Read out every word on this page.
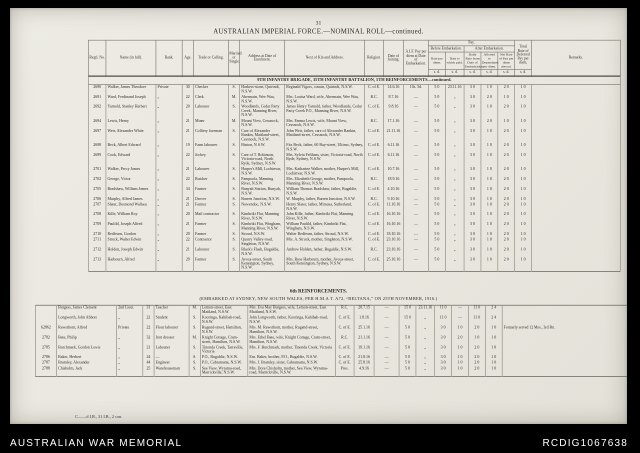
31
AUSTRALIAN IMPERIAL FORCE.—NOMINAL ROLL—continued.
Regtl. No.	Name (in full).	Rank.	Age.	Trade or Calling.	Married or Single.	Address at Date of Enrolment.	Next of Kin and Address.	Religion.	Date of Joining.	A.I.F. Pay per diem at Date of Embarkation.	Pay.					Total Rate of Deferred Pay per diem.	Remarks.
											Before Embarkation.		After Embarkation.				
											Rate per diem.	Date to which paid.	Daily Rate from Date of Embarkation.	Allotted to Dependants per diem.	Net Rate of Pay per diem abroad.		
											s. d.	s. d.	s. d.	s. d.	s. d.	s. d.	
9TH INFANTRY BRIGADE, 35TH INFANTRY BATTALION, 5TH REINFORCEMENTS—continued.																	
2690	Walker, James Theodore	Private	30	Checker	S.	Harkers-stone, Quirindi, N.S.W.	Reginald Vigors, cousin, Quirindi, N.S.W.	C. of E.	14.6.16	10s. 5d.	5 0	23.11.16	3 0	1 0	2 0	1 0	
2691	Ward, Ferdinand Joseph	„	22	Clerk	M.	Abermain, Wee Waa, N.S.W.	Mrs. Louisa Ward, wife, Abermain, Wee Waa, N.S.W.	R.C.	8.7.16	—	5 0	„	3 0	2 0	1 0	1 0	
2692	Yarnold, Stanley Herbert	„	20	Labourer	S.	Woodlands, Cedar Party Creek, Manning River, N.S.W.	James Henry Yarnold, father, Woodlands, Cedar Party Creek P.O., Manning River, N.S.W.	C. of E.	9.8.16	—	5 0	„	3 0	1 0	2 0	1 0	
2694	Lewis, Henry	„	21	Miner	M.	Mount View, Cessnock, N.S.W.	Mrs. Emma Lewis, wife, Mount View, Cessnock, N.S.W.	R.C.	17.1.16	—	5 0	„	3 0	2 0	1 0	1 0	
2697	Weir, Alexander White	„	21	Colliery foreman	S.	Care of Alexander Rankin, Maitland-street, Cessnock, N.S.W.	John Weir, father, care of Alexander Rankin, Maitland-street, Cessnock, N.S.W.	C. of E.	21.11.16	—	5 0	„	3 0	1 0	2 0	1 0	
2698	Beck, Albert Edward	„	19	Farm labourer	S.	Binton, N.S.W.	Fitz Beck, father, 60 Bay-street, Ultimo, Sydney, N.S.W.	C. of E.	6.11.16	—	5 0	„	3 0	1 0	2 0	1 0	
2699	Cook, Edward	„	22	Jockey	S.	Care of T. Robinson, Victoria-road, North Ryde, Sydney, N.S.W.	Mrs. Sylvia Feltham, sister, Victoria-road, North Ryde, Sydney, N.S.W.	C. of E.	6.11.16	—	5 0	„	3 0	1 0	2 0	1 0	
2701	Walker, Percy James	„	21	Labourer	S.	Harper's Mill, Lochinvar, N.S.W.	Mrs. Katharine Walker, mother, Harper's Mill, Lochinvar, N.S.W.	C. of E.	10.7.16	—	5 0	„	3 0	1 0	2 0	1 0	
2702	George, Victor	„	22	Butcher	S.	Pampoola, Manning River, N.S.W.	Mrs. Elizabeth George, mother, Pampoola, Manning River, N.S.W.	R.C.	18.9.16	—	5 0	„	3 0	1 0	2 0	1 0	
2705	Bradshaw, William James	„	34	Farmer	S.	Bunyah Station, Bunyah, N.S.W.	William Thomas Bradshaw, father, Bugaldie, N.S.W.	C. of E.	4.10.16	—	5 0	„	3 0	1 0	2 0	1 0	
2706	Murphy, Alfred James	„	21	Drover	S.	Burren Junction, N.S.W.	W. Murphy, father, Burren Junction, N.S.W.	R.C.	9.10.16	—	5 0	„	3 0	1 0	2 0	1 0	
2707	Slater, Desmond Wallace	„	21	Farmer	S.	Nowendoc, N.S.W.	Henry Slater, father, Mimosa, Sutherland, N.S.W.	C. of E.	11.10.16	—	5 0	„	3 0	1 0	2 0	1 0	
2708	Kille, William Roy	„	20	Mail contractor	S.	Kimbriki Flat, Manning River, N.S.W.	John Kille, father, Kimbriki Flat, Manning River, N.S.W.	C. of E.	16.10.16	—	5 0	„	3 0	1 0	2 0	1 0	
2709	Paulild, Joseph Alfred	„	21	Farmer	S.	Kimbriki Flat, Wingham, Manning River, N.S.W.	William Paulild, father, Kimbriki Flat, Wingham, N.S.W.	C. of E.	16.10.16	—	5 0	„	3 0	1 0	2 0	1 0	
2710	Redfearn, Gordon	„	20	Farmer	S.	Stroud, N.S.W.	Walter Redfearn, father, Stroud, N.S.W.	C. of E.	18.10.16	—	5 0	„	3 0	1 0	2 0	1 0	
2711	Struck, Walter Edwin	„	22	Contractor	S.	Quarry Valley-road, Singleton, N.S.W.	Mrs. A. Struck, mother, Singleton, N.S.W.	C. of E.	23.10.16	—	5 0	„	3 0	1 0	2 0	1 0	
2712	Holden, Joseph Edwin	„	21	Labourer	S.	Black's Flash, Bugaldie, N.S.W.	Andrew Holden, father, Bugaldie, N.S.W.	R.C.	23.10.16	—	5 0	„	3 0	1 0	2 0	1 0	
2713	Harbourn, Alfred	„	29	Farmer	S.	Avoca-street, South Kensington, Sydney, N.S.W.	Mrs. Rose Harbourn, mother, Avoca-street, South Kensington, Sydney, N.S.W.	C. of E.	25.10.16	—	5 0	„	3 0	1 0	2 0	1 0	
6th REINFORCEMENTS.
(EMBARKED AT SYDNEY, NEW SOUTH WALES, PER H.M.A.T. A72, “BELTANA,” ON 25TH NOVEMBER, 1916.)
	Burgess, James Clement	2nd Lieut.	31	Teacher	M.	Lemon-street, East Maitland, N.S.W.	Mrs. Eva May Burgess, wife, Lemon-street, East Maitland, N.S.W.	R.C.	20.7.15	—	15 0	23.11.16	11 0	—	11 0	2 4	
	Longworth, John Abbott	„	22	Student	S.	Kooringa, Kahibah-road, N.S.W.	John Longworth, father, Kooringa, Kahibah-road, N.S.W.	C. of E.	1.8.16	—	15 0	„	11 0	—	11 0	2 4	
62862	Rawsthorn, Alfred	Private	22	Flour labourer	S.	Rugend-street, Hamilton, N.S.W.	Mrs. M. Rawsthorn, mother, Rugend-street, Hamilton, N.S.W.	C. of E.	25.1.16	—	5 0	„	3 0	1 0	2 0	1 0	Formerly served 12 Mos., 3rd Bn.
2782	Bate, Philip	„	32	Iron dresser	M.	Knight Cottage, Cram-street, Hamilton, N.S.W.	Mrs. Ethel Bate, wife, Knight Cottage, Cram-street, Hamilton, N.S.W.	R.C.	21.1.16	—	5 0	„	3 0	2 0	1 0	1 0	
2785	Burchmark, Gordon Lewis	„	21	Labourer	S.	Tinonda Creek, Tarraville, Victoria	Mrs. F. Burchmark, mother, Tinonda Creek, Victoria	C. of E.	19.1.16	—	5 0	„	3 0	1 0	2 0	1 0	
2786	Baker, Herbert	„	24	—	S.	P.O., Bugaldie, N.S.W.	Ern. Baker, brother, P.O., Bugaldie, N.S.W.	C. of E.	21.8.16	—	5 0	„	3 0	1 0	2 0	1 0	
2787	Bramley, Alexander	„	44	Engineer	S.	P.O., Cabramatta, N.S.W.	Mrs. J. Bramley, sister, Cabramatta, N.S.W.	C. of E.	25.8.16	—	5 0	„	3 0	1 0	2 0	1 0	
2788	Chisholm, Jack	„	25	Warehouseman	S.	Sea View, Wyrama-road, Marrickville, N.S.W.	Mrs. Dora Chisholm, mother, Sea View, Wyrama-road, Marrickville, N.S.W.	Pres.	4.9.16	—	5 0	„	3 0	1 0	2 0	1 0	
C——d I.B., 31 I.B., 2 con.
AUSTRALIAN WAR MEMORIAL	RCDIG1067638
